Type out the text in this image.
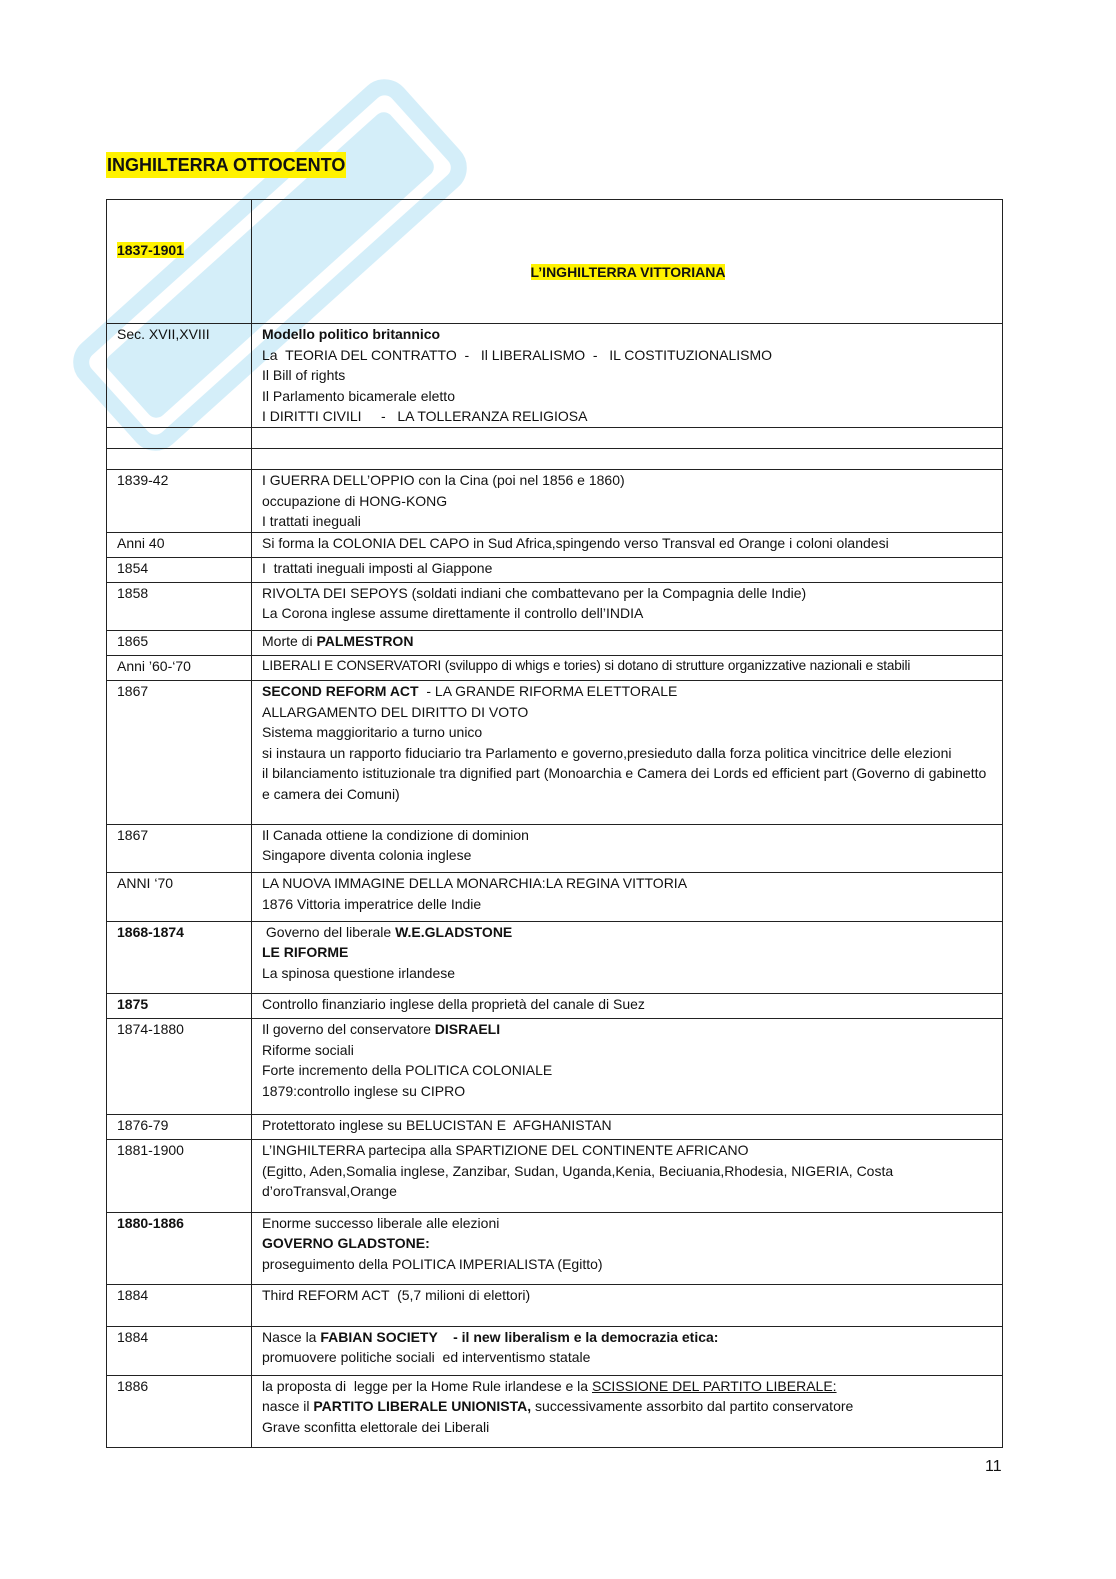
INGHILTERRA OTTOCENTO
1837-1901	L’INGHILTERRA VITTORIANA
Sec. XVII,XVIII	Modello politico britannico
La  TEORIA DEL CONTRATTO  -   Il LIBERALISMO  -   IL COSTITUZIONALISMO
Il Bill of rights
Il Parlamento bicamerale eletto
I DIRITTI CIVILI     -   LA TOLLERANZA RELIGIOSA

1839-42	I GUERRA DELL’OPPIO con la Cina (poi nel 1856 e 1860)
occupazione di HONG-KONG
I trattati ineguali

Anni 40	Si forma la COLONIA DEL CAPO in Sud Africa,spingendo verso Transval ed Orange i coloni olandesi

1854	I  trattati ineguali imposti al Giappone

1858	RIVOLTA DEI SEPOYS (soldati indiani che combattevano per la Compagnia delle Indie)
La Corona inglese assume direttamente il controllo dell’INDIA

1865	Morte di PALMESTRON
Anni ’60-‘70	LIBERALI E CONSERVATORI (sviluppo di whigs e tories) si dotano di strutture organizzative nazionali e stabili

1867	SECOND REFORM ACT  - LA GRANDE RIFORMA ELETTORALE
ALLARGAMENTO DEL DIRITTO DI VOTO
Sistema maggioritario a turno unico
si instaura un rapporto fiduciario tra Parlamento e governo,presieduto dalla forza politica vincitrice delle elezioni
il bilanciamento istituzionale tra dignified part (Monoarchia e Camera dei Lords ed efficient part (Governo di gabinetto e camera dei Comuni)

1867	Il Canada ottiene la condizione di dominion
Singapore diventa colonia inglese

ANNI ‘70	LA NUOVA IMMAGINE DELLA MONARCHIA:LA REGINA VITTORIA
1876 Vittoria imperatrice delle Indie

1868-1874	Governo del liberale W.E.GLADSTONE
LE RIFORME
La spinosa questione irlandese

1875	Controllo finanziario inglese della proprietà del canale di Suez

1874-1880	Il governo del conservatore DISRAELI
Riforme sociali
Forte incremento della POLITICA COLONIALE
1879:controllo inglese su CIPRO

1876-79	Protettorato inglese su BELUCISTAN E  AFGHANISTAN

1881-1900	L’INGHILTERRA partecipa alla SPARTIZIONE DEL CONTINENTE AFRICANO
(Egitto, Aden,Somalia inglese, Zanzibar, Sudan, Uganda,Kenia, Beciuania,Rhodesia, NIGERIA, Costa d’oroTransval,Orange

1880-1886	Enorme successo liberale alle elezioni
GOVERNO GLADSTONE:
proseguimento della POLITICA IMPERIALISTA (Egitto)

1884	Third REFORM ACT  (5,7 milioni di elettori)

1884	Nasce la FABIAN SOCIETY    - il new liberalism e la democrazia etica:
promuovere politiche sociali  ed interventismo statale

1886	la proposta di  legge per la Home Rule irlandese e la SCISSIONE DEL PARTITO LIBERALE:
nasce il PARTITO LIBERALE UNIONISTA, successivamente assorbito dal partito conservatore
Grave sconfitta elettorale dei Liberali
11
